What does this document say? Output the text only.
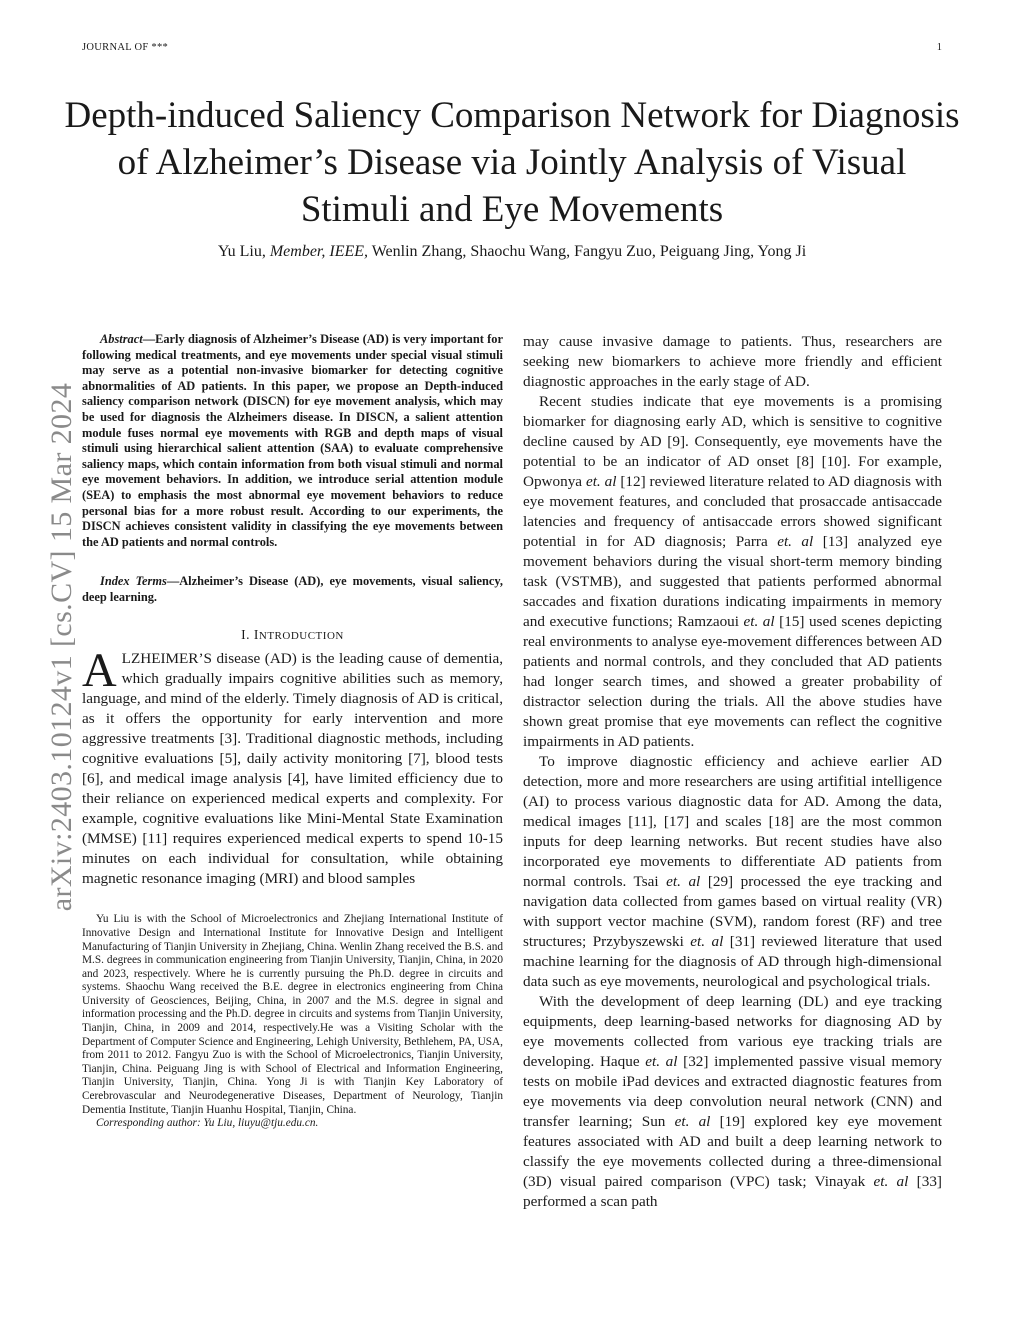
JOURNAL OF ***	1
Depth-induced Saliency Comparison Network for Diagnosis of Alzheimer’s Disease via Jointly Analysis of Visual Stimuli and Eye Movements
Yu Liu, Member, IEEE, Wenlin Zhang, Shaochu Wang, Fangyu Zuo, Peiguang Jing, Yong Ji
arXiv:2403.10124v1 [cs.CV] 15 Mar 2024

Abstract—Early diagnosis of Alzheimer’s Disease (AD) is very important for following medical treatments, and eye movements under special visual stimuli may serve as a potential non-invasive biomarker for detecting cognitive abnormalities of AD patients. In this paper, we propose an Depth-induced saliency comparison network (DISCN) for eye movement analysis, which may be used for diagnosis the Alzheimers disease. In DISCN, a salient attention module fuses normal eye movements with RGB and depth maps of visual stimuli using hierarchical salient attention (SAA) to evaluate comprehensive saliency maps, which contain information from both visual stimuli and normal eye movement behaviors. In addition, we introduce serial attention module (SEA) to emphasis the most abnormal eye movement behaviors to reduce personal bias for a more robust result. According to our experiments, the DISCN achieves consistent validity in classifying the eye movements between the AD patients and normal controls.

Index Terms—Alzheimer’s Disease (AD), eye movements, visual saliency, deep learning.

I. INTRODUCTION

ALZHEIMER’S disease (AD) is the leading cause of dementia, which gradually impairs cognitive abilities such as memory, language, and mind of the elderly. Timely diagnosis of AD is critical, as it offers the opportunity for early intervention and more aggressive treatments [3]. Traditional diagnostic methods, including cognitive evaluations [5], daily activity monitoring [7], blood tests [6], and medical image analysis [4], have limited efficiency due to their reliance on experienced medical experts and complexity. For example, cognitive evaluations like Mini-Mental State Examination (MMSE) [11] requires experienced medical experts to spend 10-15 minutes on each individual for consultation, while obtaining magnetic resonance imaging (MRI) and blood samples

Yu Liu is with the School of Microelectronics and Zhejiang International Institute of Innovative Design and International Institute for Innovative Design and Intelligent Manufacturing of Tianjin University in Zhejiang, China. Wenlin Zhang received the B.S. and M.S. degrees in communication engineering from Tianjin University, Tianjin, China, in 2020 and 2023, respectively. Where he is currently pursuing the Ph.D. degree in circuits and systems. Shaochu Wang received the B.E. degree in electronics engineering from China University of Geosciences, Beijing, China, in 2007 and the M.S. degree in signal and information processing and the Ph.D. degree in circuits and systems from Tianjin University, Tianjin, China, in 2009 and 2014, respectively.He was a Visiting Scholar with the Department of Computer Science and Engineering, Lehigh University, Bethlehem, PA, USA, from 2011 to 2012. Fangyu Zuo is with the School of Microelectronics, Tianjin University, Tianjin, China. Peiguang Jing is with School of Electrical and Information Engineering, Tianjin University, Tianjin, China. Yong Ji is with Tianjin Key Laboratory of Cerebrovascular and Neurodegenerative Diseases, Department of Neurology, Tianjin Dementia Institute, Tianjin Huanhu Hospital, Tianjin, China.

Corresponding author: Yu Liu, liuyu@tju.edu.cn.

may cause invasive damage to patients. Thus, researchers are seeking new biomarkers to achieve more friendly and efficient diagnostic approaches in the early stage of AD.

Recent studies indicate that eye movements is a promising biomarker for diagnosing early AD, which is sensitive to cognitive decline caused by AD [9]. Consequently, eye movements have the potential to be an indicator of AD onset [8] [10]. For example, Opwonya et. al [12] reviewed literature related to AD diagnosis with eye movement features, and concluded that prosaccade antisaccade latencies and frequency of antisaccade errors showed significant potential in for AD diagnosis; Parra et. al [13] analyzed eye movement behaviors during the visual short-term memory binding task (VSTMB), and suggested that patients performed abnormal saccades and fixation durations indicating impairments in memory and executive functions; Ramzaoui et. al [15] used scenes depicting real environments to analyse eye-movement differences between AD patients and normal controls, and they concluded that AD patients had longer search times, and showed a greater probability of distractor selection during the trials. All the above studies have shown great promise that eye movements can reflect the cognitive impairments in AD patients.

To improve diagnostic efficiency and achieve earlier AD detection, more and more researchers are using artifitial intelligence (AI) to process various diagnostic data for AD. Among the data, medical images [11], [17] and scales [18] are the most common inputs for deep learning networks. But recent studies have also incorporated eye movements to differentiate AD patients from normal controls. Tsai et. al [29] processed the eye tracking and navigation data collected from games based on virtual reality (VR) with support vector machine (SVM), random forest (RF) and tree structures; Przybyszewski et. al [31] reviewed literature that used machine learning for the diagnosis of AD through high-dimensional data such as eye movements, neurological and psychological trials.

With the development of deep learning (DL) and eye tracking equipments, deep learning-based networks for diagnosing AD by eye movements collected from various eye tracking trials are developing. Haque et. al [32] implemented passive visual memory tests on mobile iPad devices and extracted diagnostic features from eye movements via deep convolution neural network (CNN) and transfer learning; Sun et. al [19] explored key eye movement features associated with AD and built a deep learning network to classify the eye movements collected during a three-dimensional (3D) visual paired comparison (VPC) task; Vinayak et. al [33] performed a scan path
